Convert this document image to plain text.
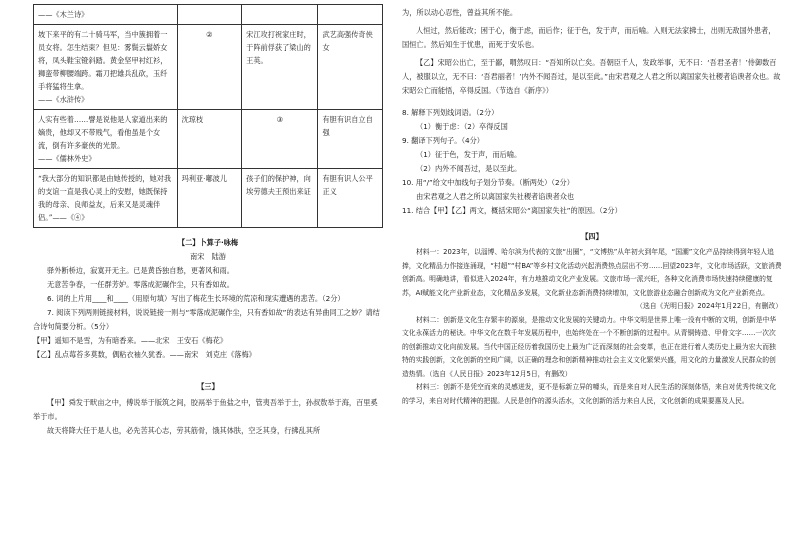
——《木兰诗》			

坡下来平的有二十骑马军，当中簇拥着一员女将。怎生结束？但见：雾鬓云鬟娇女将，凤头鞋宝镫斜踏。黄金坚甲衬红衫，狮蛮带柳腰端跨。霜刀把雄兵乱砍，玉纤手将猛将生拿。
——《水浒传》	②	宋江攻打祝家庄时，于阵前俘获了梁山的王英。	武艺高强传奇侠女
人实有些着……譬是说他是人家道出来的嫡贵，他却又不带贱气，看他虽是个女流，倒有许多豪侠的光景。
——《儒林外史》	沈琼枝	③	有胆有识自立自强
“我大部分的知识都是由她传授的，她对我的支谊一直是我心灵上的安慰，她既保持我的母亲、良师益友，后来又是灵魂伴侣。”——《④》	玛利亚·嘟波儿	孩子们的保护神，向埃劳德夫王预出来证	有胆有识人公平正义

【二】卜算子·咏梅

南宋　陆游

驿外断桥边，寂寞开无主。已是黄昏独自愁，更著风和雨。

无意苦争春，一任群芳妒。零落成泥碾作尘，只有香如故。

6. 词的上片用____和____（用原句填）写出了梅花生长环境的荒凉和现实遭遇的悲苦。（2分）

7. 阅读下列两则链接材料，说说链接一则与“零落成泥碾作尘，只有香如故”的表达有异曲同工之妙？请结合诗句简要分析。（5分）

【甲】遥知不是雪，为有暗香来。——北宋　王安石《梅花》

【乙】乱点莓苔多莫数，偶粘衣袖久犹香。——南宋　刘克庄《落梅》

【三】

【甲】舜发于畎亩之中，傅说举于版筑之间，胶鬲举于鱼盐之中，管夷吾举于士，孙叔敖举于海，百里奚举于市。

故天将降大任于是人也，必先苦其心志，劳其筋骨，饿其体肤，空乏其身，行拂乱其所

为，所以动心忍性，曾益其所不能。

人恒过，然后能改；困于心，衡于虑，而后作；征于色，发于声，而后喻。入则无法家拂士，出则无敌国外患者，国恒亡。然后知生于忧患，而死于安乐也。

【乙】宋昭公出亡，至于鄙，喟然叹曰：“吾知所以亡矣。吾朝臣千人，发政举事，无不曰：‘吾君圣者！’侍御数百人，被服以立，无不曰：‘吾君丽者！’内外不闻吾过，是以至此。”由宋君观之人君之所以离国家失社稷者谄谀者众也。故宋昭公亡而能悟，卒得反国。（节选自《新序》）

8. 解释下列划线词语。（2分）

（1）衡于虑：（2）卒得反国

9. 翻译下列句子。（4分）

（1）征于色，发于声，而后喻。

（2）内外不闻吾过，是以至此。

10. 用“/”给文中加线句子划分节奏。（断两处）（2分）

由宋君观之人君之所以离国家失社稷者谄谀者众也

11. 结合【甲】【乙】两文，概括宋昭公“离国家失社”的原因。（2分）

【四】

材料一：2023年，以淄博、哈尔滨为代表的文旅“出圈”，“文博热”从年初火到年尾，“国潮”文化产品持续得到年轻人追捧，文化精品力作接连涌现，“村超”“村BA”等乡村文化活动兴起消费热点层出不穷……回望2023年，文化市场活跃，文旅消费创新高。明确地讲，看似进入2024年，有力地推动文化产业发展。文旅市场一派兴旺，各种文化消费市场快速持续健康的复苏，AI赋能文化产业新业态，文化精品多发展，文化新业态新消费持续增加，文化旅游业态融合创新成为文化产业新亮点。

（选自《光明日报》2024年1月22日，有删改）

材料二：创新是文化生存繁丰的源泉，是推动文化发展的关键动力。中华文明是世界上唯一没有中断的文明，创新是中华文化永葆活力的秘诀。中华文化在数千年发展历程中，也始终处在一个不断创新的过程中。从青铜铸造、甲骨文字……一次次的创新推动文化向前发展。当代中国正经历着我国历史上最为广泛而深刻的社会变革，也正在进行着人类历史上最为宏大而独特的实践创新，文化创新的空间广阔，以正确的理念和创新精神推动社会主义文化繁荣兴盛，用文化的力量激发人民群众的创造热情。（选自《人民日报》2023年12月5日，有删改）

材料三：创新不是凭空而来的灵感迸发，更不是标新立异的噱头，而是来自对人民生活的深刻体悟，来自对优秀传统文化的学习，来自对时代精神的把握。人民是创作的源头活水，文化创新的活力来自人民，文化创新的成果要惠及人民。
